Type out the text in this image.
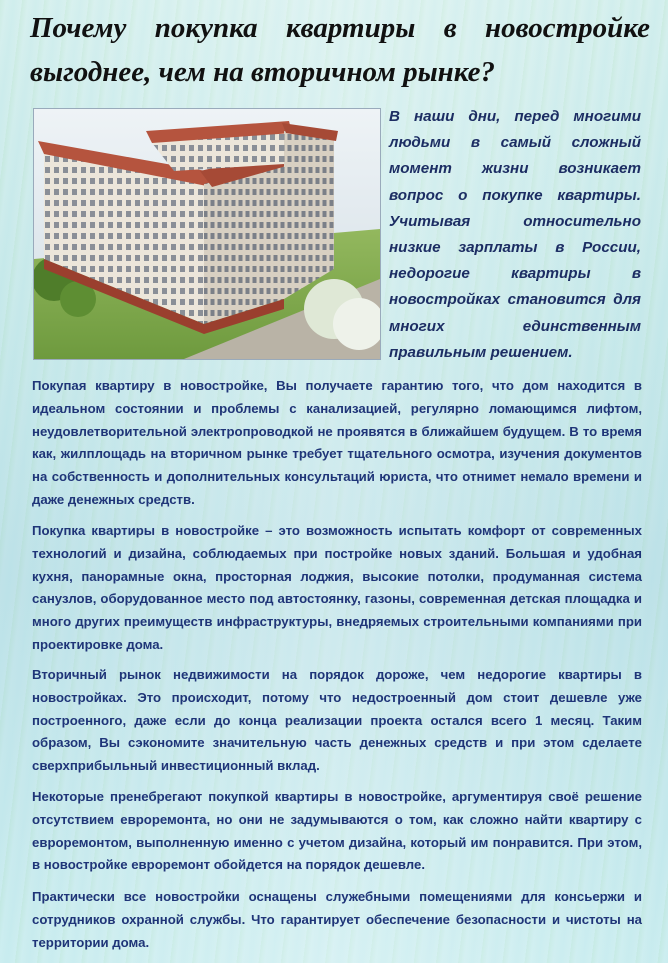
Почему покупка квартиры в новостройке выгоднее, чем на вторичном рынке?

В наши дни, перед многими людьми в самый сложный момент жизни возникает вопрос о покупке квартиры. Учитывая относительно низкие зарплаты в России, недорогие квартиры в новостройках становится для многих единственным правильным решением.

Покупая квартиру в новостройке, Вы получаете гарантию того, что дом находится в идеальном состоянии и проблемы с канализацией, регулярно ломающимся лифтом, неудовлетворительной электропроводкой не проявятся в ближайшем будущем. В то время как, жилплощадь на вторичном рынке требует тщательного осмотра, изучения документов на собственность и дополнительных консультаций юриста, что отнимет немало времени и даже денежных средств.

Покупка квартиры в новостройке – это возможность испытать комфорт от современных технологий и дизайна, соблюдаемых при постройке новых зданий. Большая и удобная кухня, панорамные окна, просторная лоджия, высокие потолки, продуманная система санузлов, оборудованное место под автостоянку, газоны, современная детская площадка и много других преимуществ инфраструктуры, внедряемых строительными компаниями при проектировке дома.

Вторичный рынок недвижимости на порядок дороже, чем недорогие квартиры в новостройках. Это происходит, потому что недостроенный дом стоит дешевле уже построенного, даже если до конца реализации проекта остался всего 1 месяц. Таким образом, Вы сэкономите значительную часть денежных средств и при этом сделаете сверхприбыльный инвестиционный вклад.

Некоторые пренебрегают покупкой квартиры в новостройке, аргументируя своё решение отсутствием евроремонта, но они не задумываются о том, как сложно найти квартиру с евроремонтом, выполненную именно с учетом дизайна, который им понравится. При этом, в новостройке евроремонт обойдется на порядок дешевле.

Практически все новостройки оснащены служебными помещениями для консьержи и сотрудников охранной службы. Что гарантирует обеспечение безопасности и чистоты на территории дома.
